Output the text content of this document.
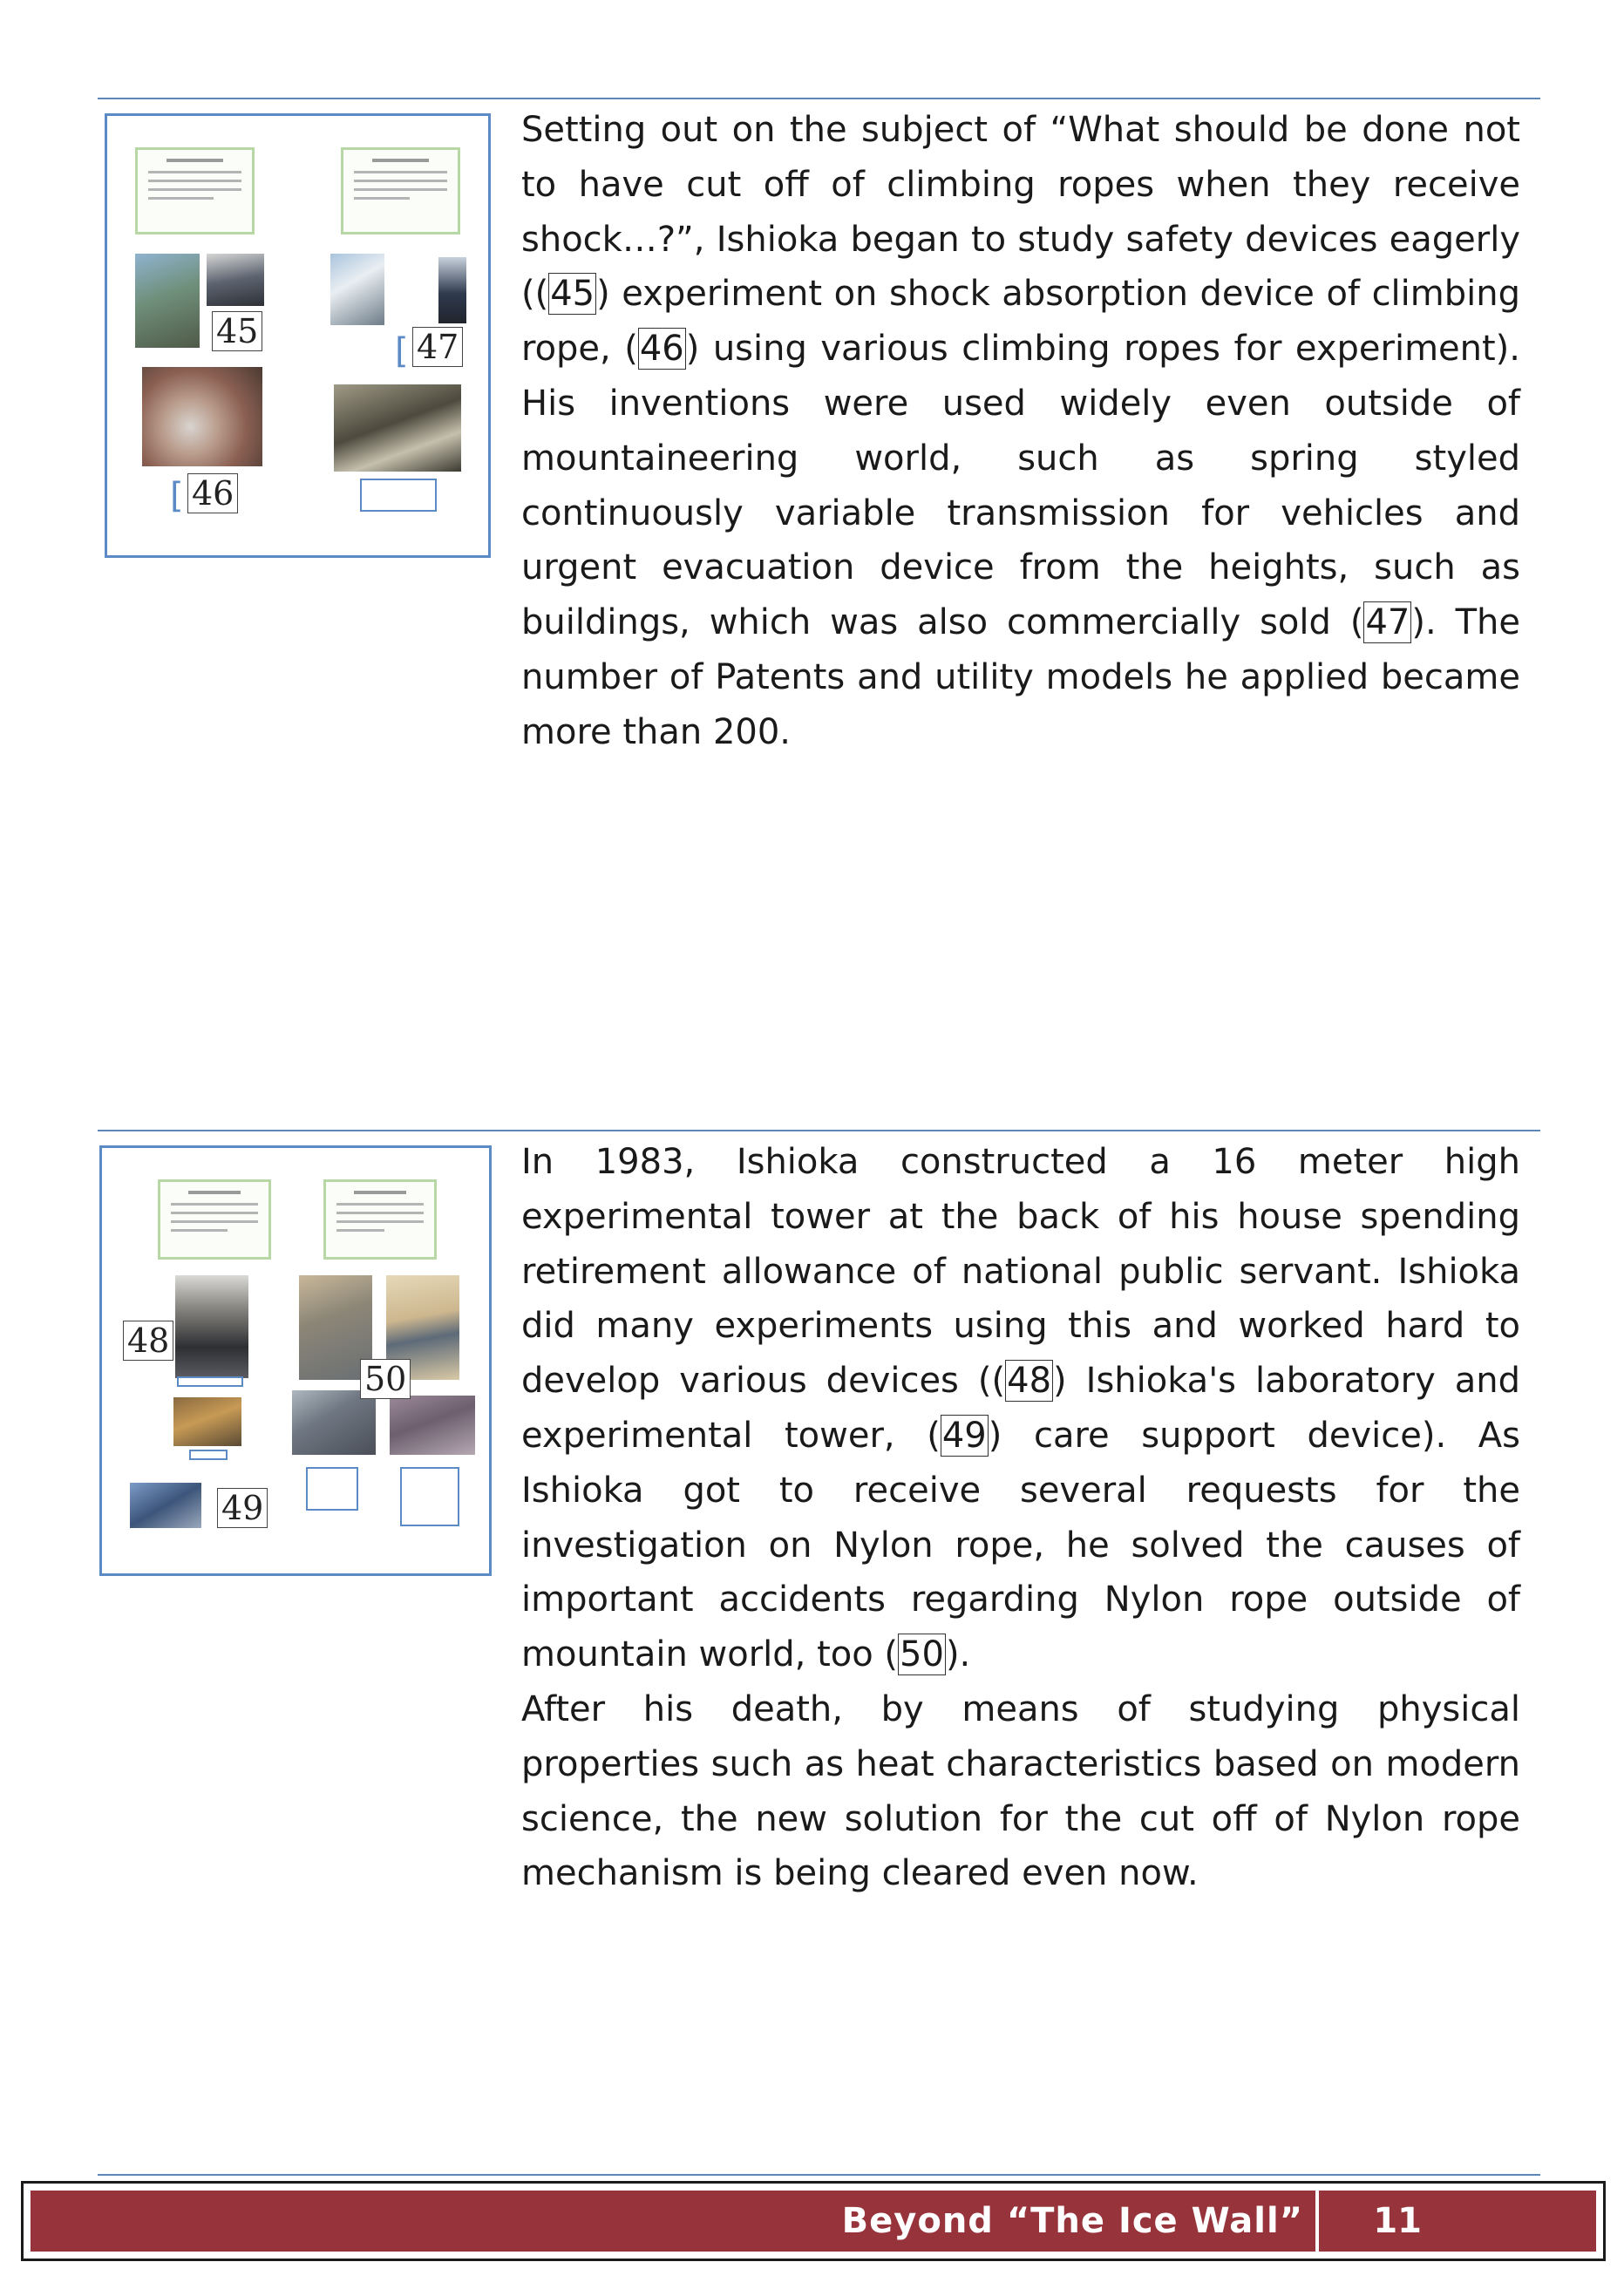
45	[ 47
[ 46
Setting out on the subject of “What should be done not to have cut off of climbing ropes when they receive shock…?”, Ishioka began to study safety devices eagerly ((45) experiment on shock absorption device of climbing rope, (46) using various climbing ropes for experiment). His inventions were used widely even outside of mountaineering world, such as spring styled continuously variable transmission for vehicles and urgent evacuation device from the heights, such as buildings, which was also commercially sold (47). The number of Patents and utility models he applied became more than 200.
48
50
49
In 1983, Ishioka constructed a 16 meter high experimental tower at the back of his house spending retirement allowance of national public servant. Ishioka did many experiments using this and worked hard to develop various devices ((48) Ishioka's laboratory and experimental tower, (49) care support device). As Ishioka got to receive several requests for the investigation on Nylon rope, he solved the causes of important accidents regarding Nylon rope outside of mountain world, too (50).
After his death, by means of studying physical properties such as heat characteristics based on modern science, the new solution for the cut off of Nylon rope mechanism is being cleared even now.
Beyond “The Ice Wall” 11
